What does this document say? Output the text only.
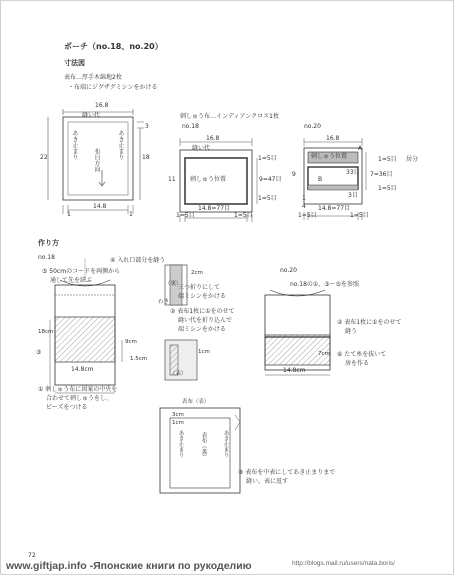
ポーチ（no.18、no.20）
寸法図
表布…厚手木綿地2枚
・布端にジグザグミシンをかける
刺しゅう布…インディアンクロス1枚
16.8
縫い代
3
22	18
あき止まり	あき止まり
布目方向
14.8
1	1
no.18
16.8
縫い代
11 刺しゅう位置	9=47目
1=5目
1=5目
14.8=77目
1=5目	1=5目
no.20
16.8
刺しゅう位置
A
9	33目
B
3目
1=5目 居分
7=36目
1=5目
1
4 14.8=77目
1=5目	1=5目
作り方
no.18
no.20
④ 入れ口部分を縫う
⑤ 50cmのコードを両側から
通して先を結ぶ
2cm
（裏）
三つ折りにして
端ミシンをかける
わき
② 表布1枚に①をのせて
縫い代を折り込んで
端ミシンをかける
18cm
9cm
③
1.5cm
14.8cm
1cm
（表）
① 刺しゅう布に図案の中央を
合わせて刺しゅうをし、
ビーズをつける
表布（表）
3cm
1cm
あき止まり	あき止まり
表布（裏）
③ 表布を中表にしてあき止まりまで
縫い、表に返す
no.18の①、③～⑤を参照
② 表布1枚に①をのせて
縫う
7cm ⑥ たて糸を抜いて
房を作る
14.8cm
72
www.giftjap.info -Японские книги по рукоделию	http://blogs.mail.ru/users/nata.boris/
